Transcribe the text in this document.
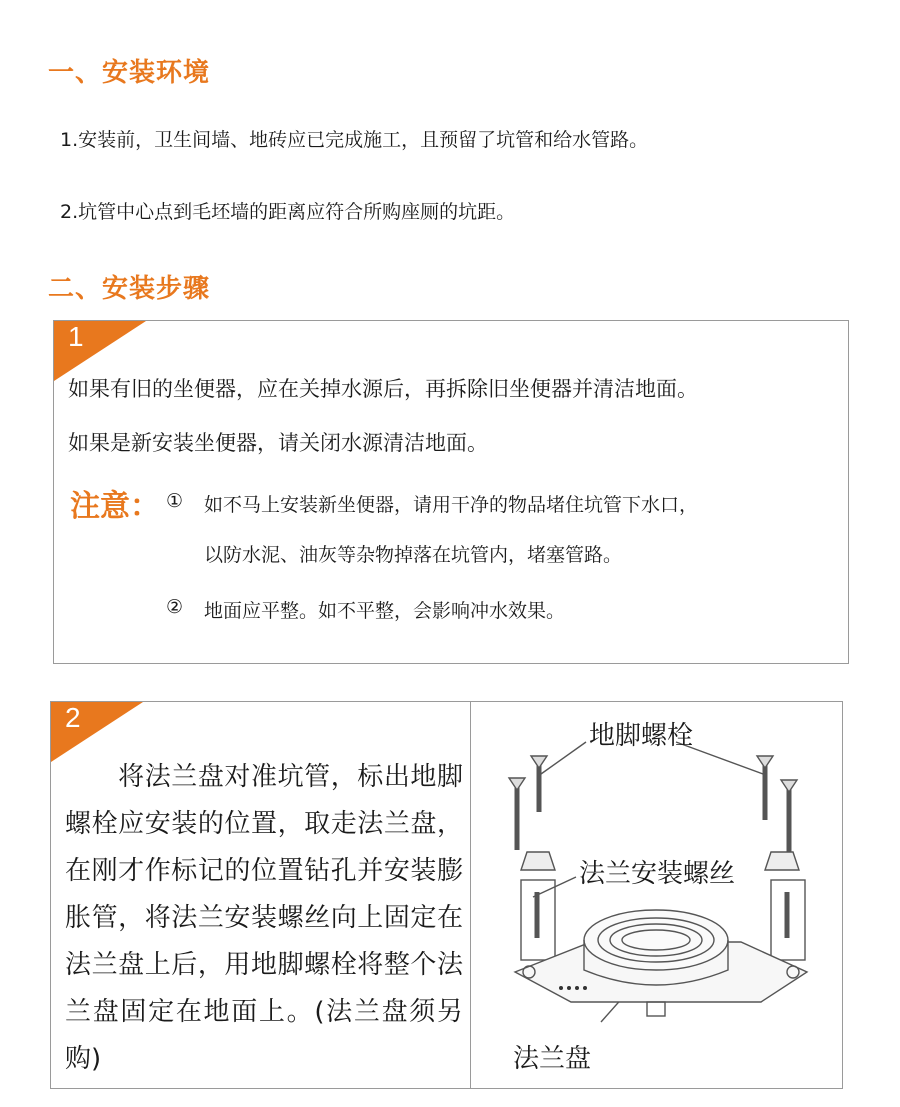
一、安装环境

1.安装前，卫生间墙、地砖应已完成施工，且预留了坑管和给水管路。

2.坑管中心点到毛坯墙的距离应符合所购座厕的坑距。

二、安装步骤
1

如果有旧的坐便器，应在关掉水源后，再拆除旧坐便器并清洁地面。

如果是新安装坐便器，请关闭水源清洁地面。

注意： ① 如不马上安装新坐便器，请用干净的物品堵住坑管下水口，

以防水泥、油灰等杂物掉落在坑管内，堵塞管路。

② 地面应平整。如不平整，会影响冲水效果。

2

　　将法兰盘对准坑管，标出地脚螺栓应安装的位置，取走法兰盘，在刚才作标记的位置钻孔并安装膨胀管，将法兰安装螺丝向上固定在法兰盘上后，用地脚螺栓将整个法兰盘固定在地面上。(法兰盘须另购)

地脚螺栓
法兰安装螺丝
法兰盘
